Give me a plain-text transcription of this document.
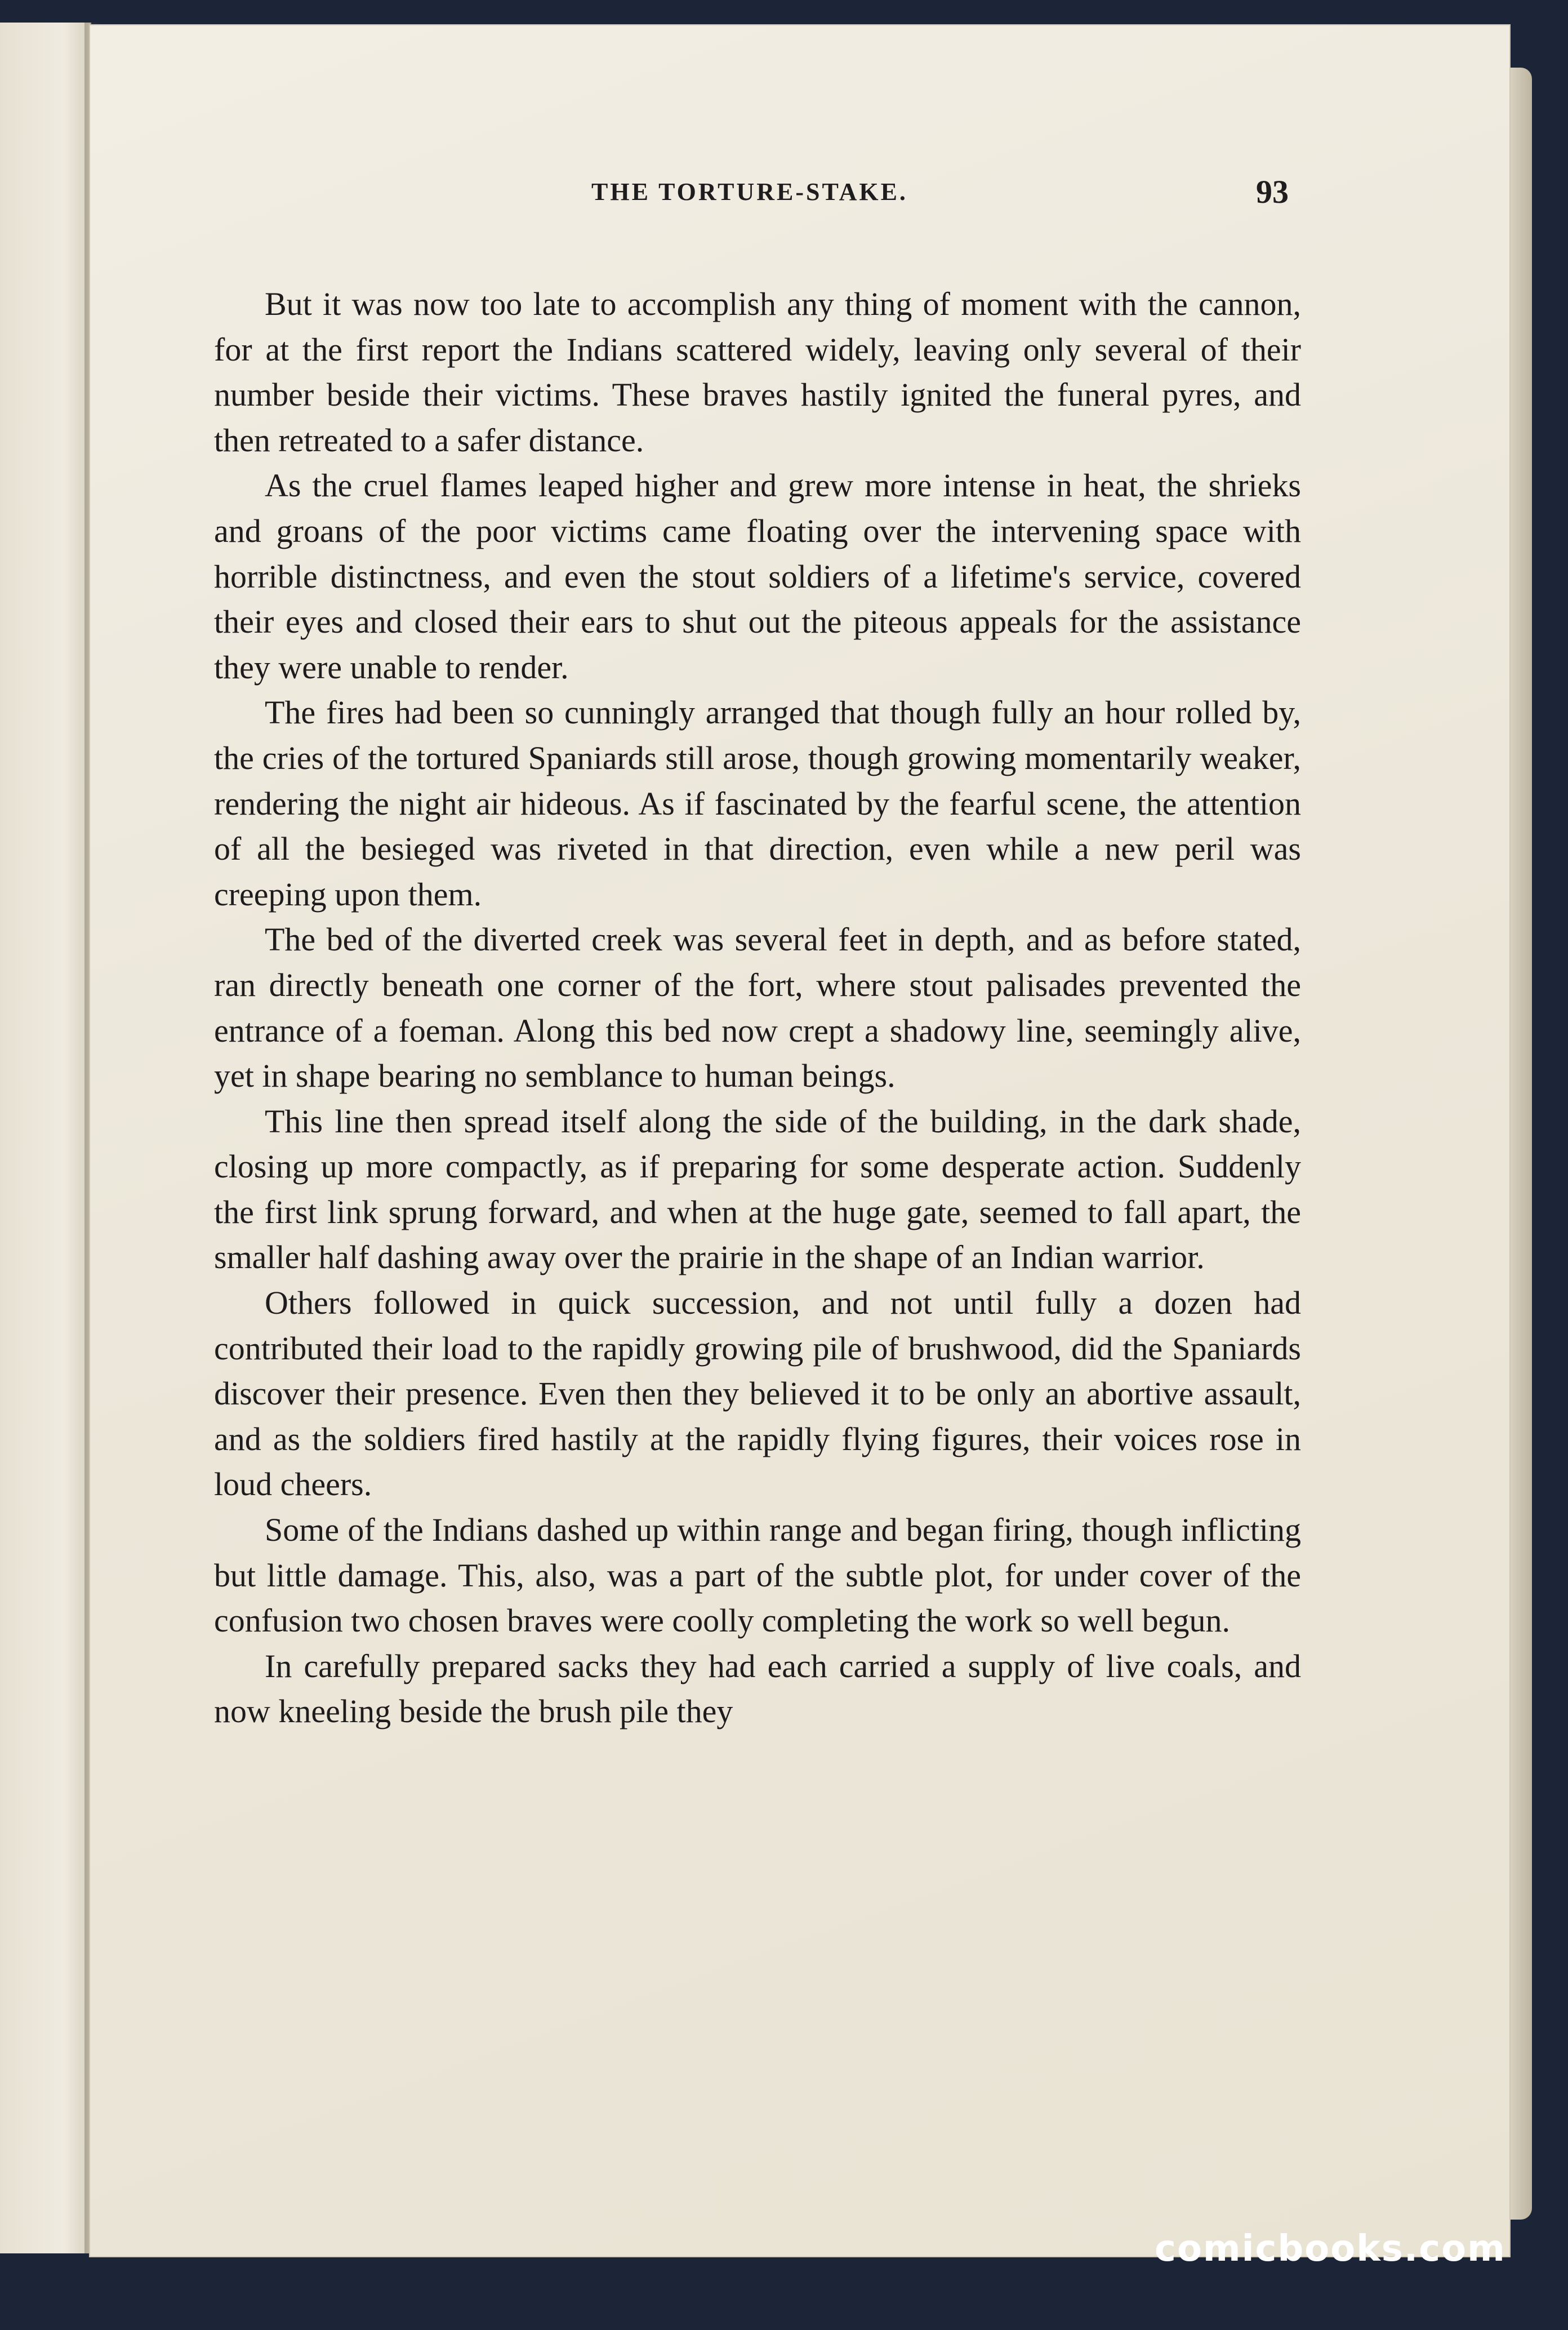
THE TORTURE-STAKE.	93

But it was now too late to accomplish any thing of moment with the cannon, for at the first report the Indians scattered widely, leaving only several of their number beside their victims. These braves hastily ignited the funeral pyres, and then retreated to a safer distance.

As the cruel flames leaped higher and grew more intense in heat, the shrieks and groans of the poor victims came floating over the intervening space with horrible distinctness, and even the stout soldiers of a lifetime's service, covered their eyes and closed their ears to shut out the piteous appeals for the assistance they were unable to render.

The fires had been so cunningly arranged that though fully an hour rolled by, the cries of the tortured Spaniards still arose, though growing momentarily weaker, rendering the night air hideous. As if fascinated by the fearful scene, the attention of all the besieged was riveted in that direction, even while a new peril was creeping upon them.

The bed of the diverted creek was several feet in depth, and as before stated, ran directly beneath one corner of the fort, where stout palisades prevented the entrance of a foeman. Along this bed now crept a shadowy line, seemingly alive, yet in shape bearing no semblance to human beings.

This line then spread itself along the side of the building, in the dark shade, closing up more compactly, as if preparing for some desperate action. Suddenly the first link sprung forward, and when at the huge gate, seemed to fall apart, the smaller half dashing away over the prairie in the shape of an Indian warrior.

Others followed in quick succession, and not until fully a dozen had contributed their load to the rapidly growing pile of brushwood, did the Spaniards discover their presence. Even then they believed it to be only an abortive assault, and as the soldiers fired hastily at the rapidly flying figures, their voices rose in loud cheers.

Some of the Indians dashed up within range and began firing, though inflicting but little damage. This, also, was a part of the subtle plot, for under cover of the confusion two chosen braves were coolly completing the work so well begun.

In carefully prepared sacks they had each carried a supply of live coals, and now kneeling beside the brush pile they

comicbooks.com
